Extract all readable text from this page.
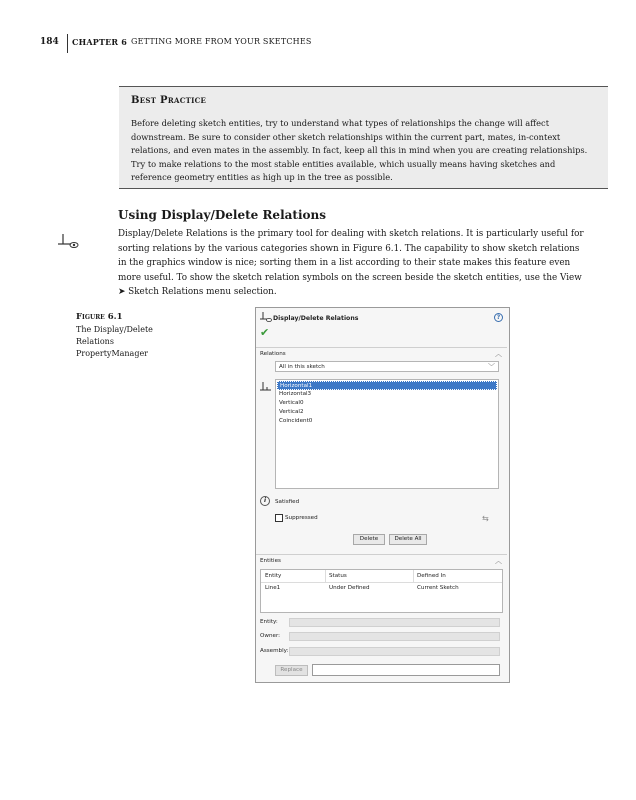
184 CHAPTER 6 GETTING MORE FROM YOUR SKETCHES
Best Practice
Before deleting sketch entities, try to understand what types of relationships the change will affect downstream. Be sure to consider other sketch relationships within the current part, mates, in-context relations, and even mates in the assembly. In fact, keep all this in mind when you are creating relationships. Try to make relations to the most stable entities available, which usually means having sketches and reference geometry entities as high up in the tree as possible.
Using Display/Delete Relations
Display/Delete Relations is the primary tool for dealing with sketch relations. It is particularly useful for sorting relations by the various categories shown in Figure 6.1. The capability to show sketch relations in the graphics window is nice; sorting them in a list according to their state makes this feature even more useful. To show the sketch relation symbols on the screen beside the sketch entities, use the View ➤ Sketch Relations menu selection.
Figure 6.1
The Display/Delete Relations PropertyManager
Display/Delete Relations	?
✔
Relations	︿
All in this sketch	﹀
Horizontal1
Horizontal3
Vertical0
Vertical2
Coincident0
i	Satisfied
Suppressed	⇆
Delete	Delete All
Entities	︿
Entity	Status	Defined In
Line1	Under Defined	Current Sketch
Entity:
Owner:
Assembly:
Replace
